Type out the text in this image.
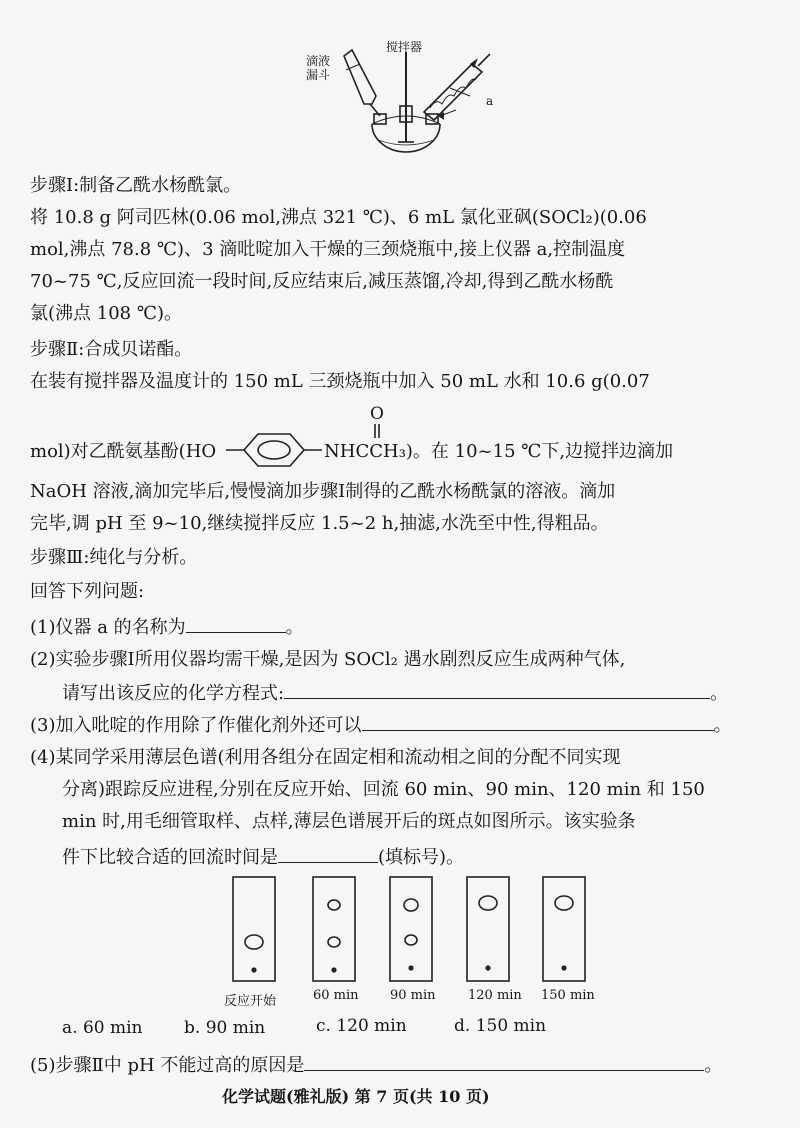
滴液
漏斗
搅拌器
a
步骤Ⅰ:制备乙酰水杨酰氯。
将 10.8 g 阿司匹林(0.06 mol,沸点 321 ℃)、6 mL 氯化亚砜(SOCl₂)(0.06
mol,沸点 78.8 ℃)、3 滴吡啶加入干燥的三颈烧瓶中,接上仪器 a,控制温度
70~75 ℃,反应回流一段时间,反应结束后,减压蒸馏,冷却,得到乙酰水杨酰
氯(沸点 108 ℃)。
步骤Ⅱ:合成贝诺酯。
在装有搅拌器及温度计的 150 mL 三颈烧瓶中加入 50 mL 水和 10.6 g(0.07
mol)对乙酰氨基酚(HO
O
NHCCH₃)。在 10~15 ℃下,边搅拌边滴加
NaOH 溶液,滴加完毕后,慢慢滴加步骤Ⅰ制得的乙酰水杨酰氯的溶液。滴加
完毕,调 pH 至 9~10,继续搅拌反应 1.5~2 h,抽滤,水洗至中性,得粗品。
步骤Ⅲ:纯化与分析。
回答下列问题:
(1)仪器 a 的名称为	。
(2)实验步骤Ⅰ所用仪器均需干燥,是因为 SOCl₂ 遇水剧烈反应生成两种气体,
请写出该反应的化学方程式:	。
(3)加入吡啶的作用除了作催化剂外还可以	。
(4)某同学采用薄层色谱(利用各组分在固定相和流动相之间的分配不同实现
分离)跟踪反应进程,分别在反应开始、回流 60 min、90 min、120 min 和 150
min 时,用毛细管取样、点样,薄层色谱展开后的斑点如图所示。该实验条
件下比较合适的回流时间是	(填标号)。
反应开始	60 min 90 min 120 min 150 min
a. 60 min b. 90 min	c. 120 min	d. 150 min
(5)步骤Ⅱ中 pH 不能过高的原因是	。
化学试题(雅礼版) 第 7 页(共 10 页)
